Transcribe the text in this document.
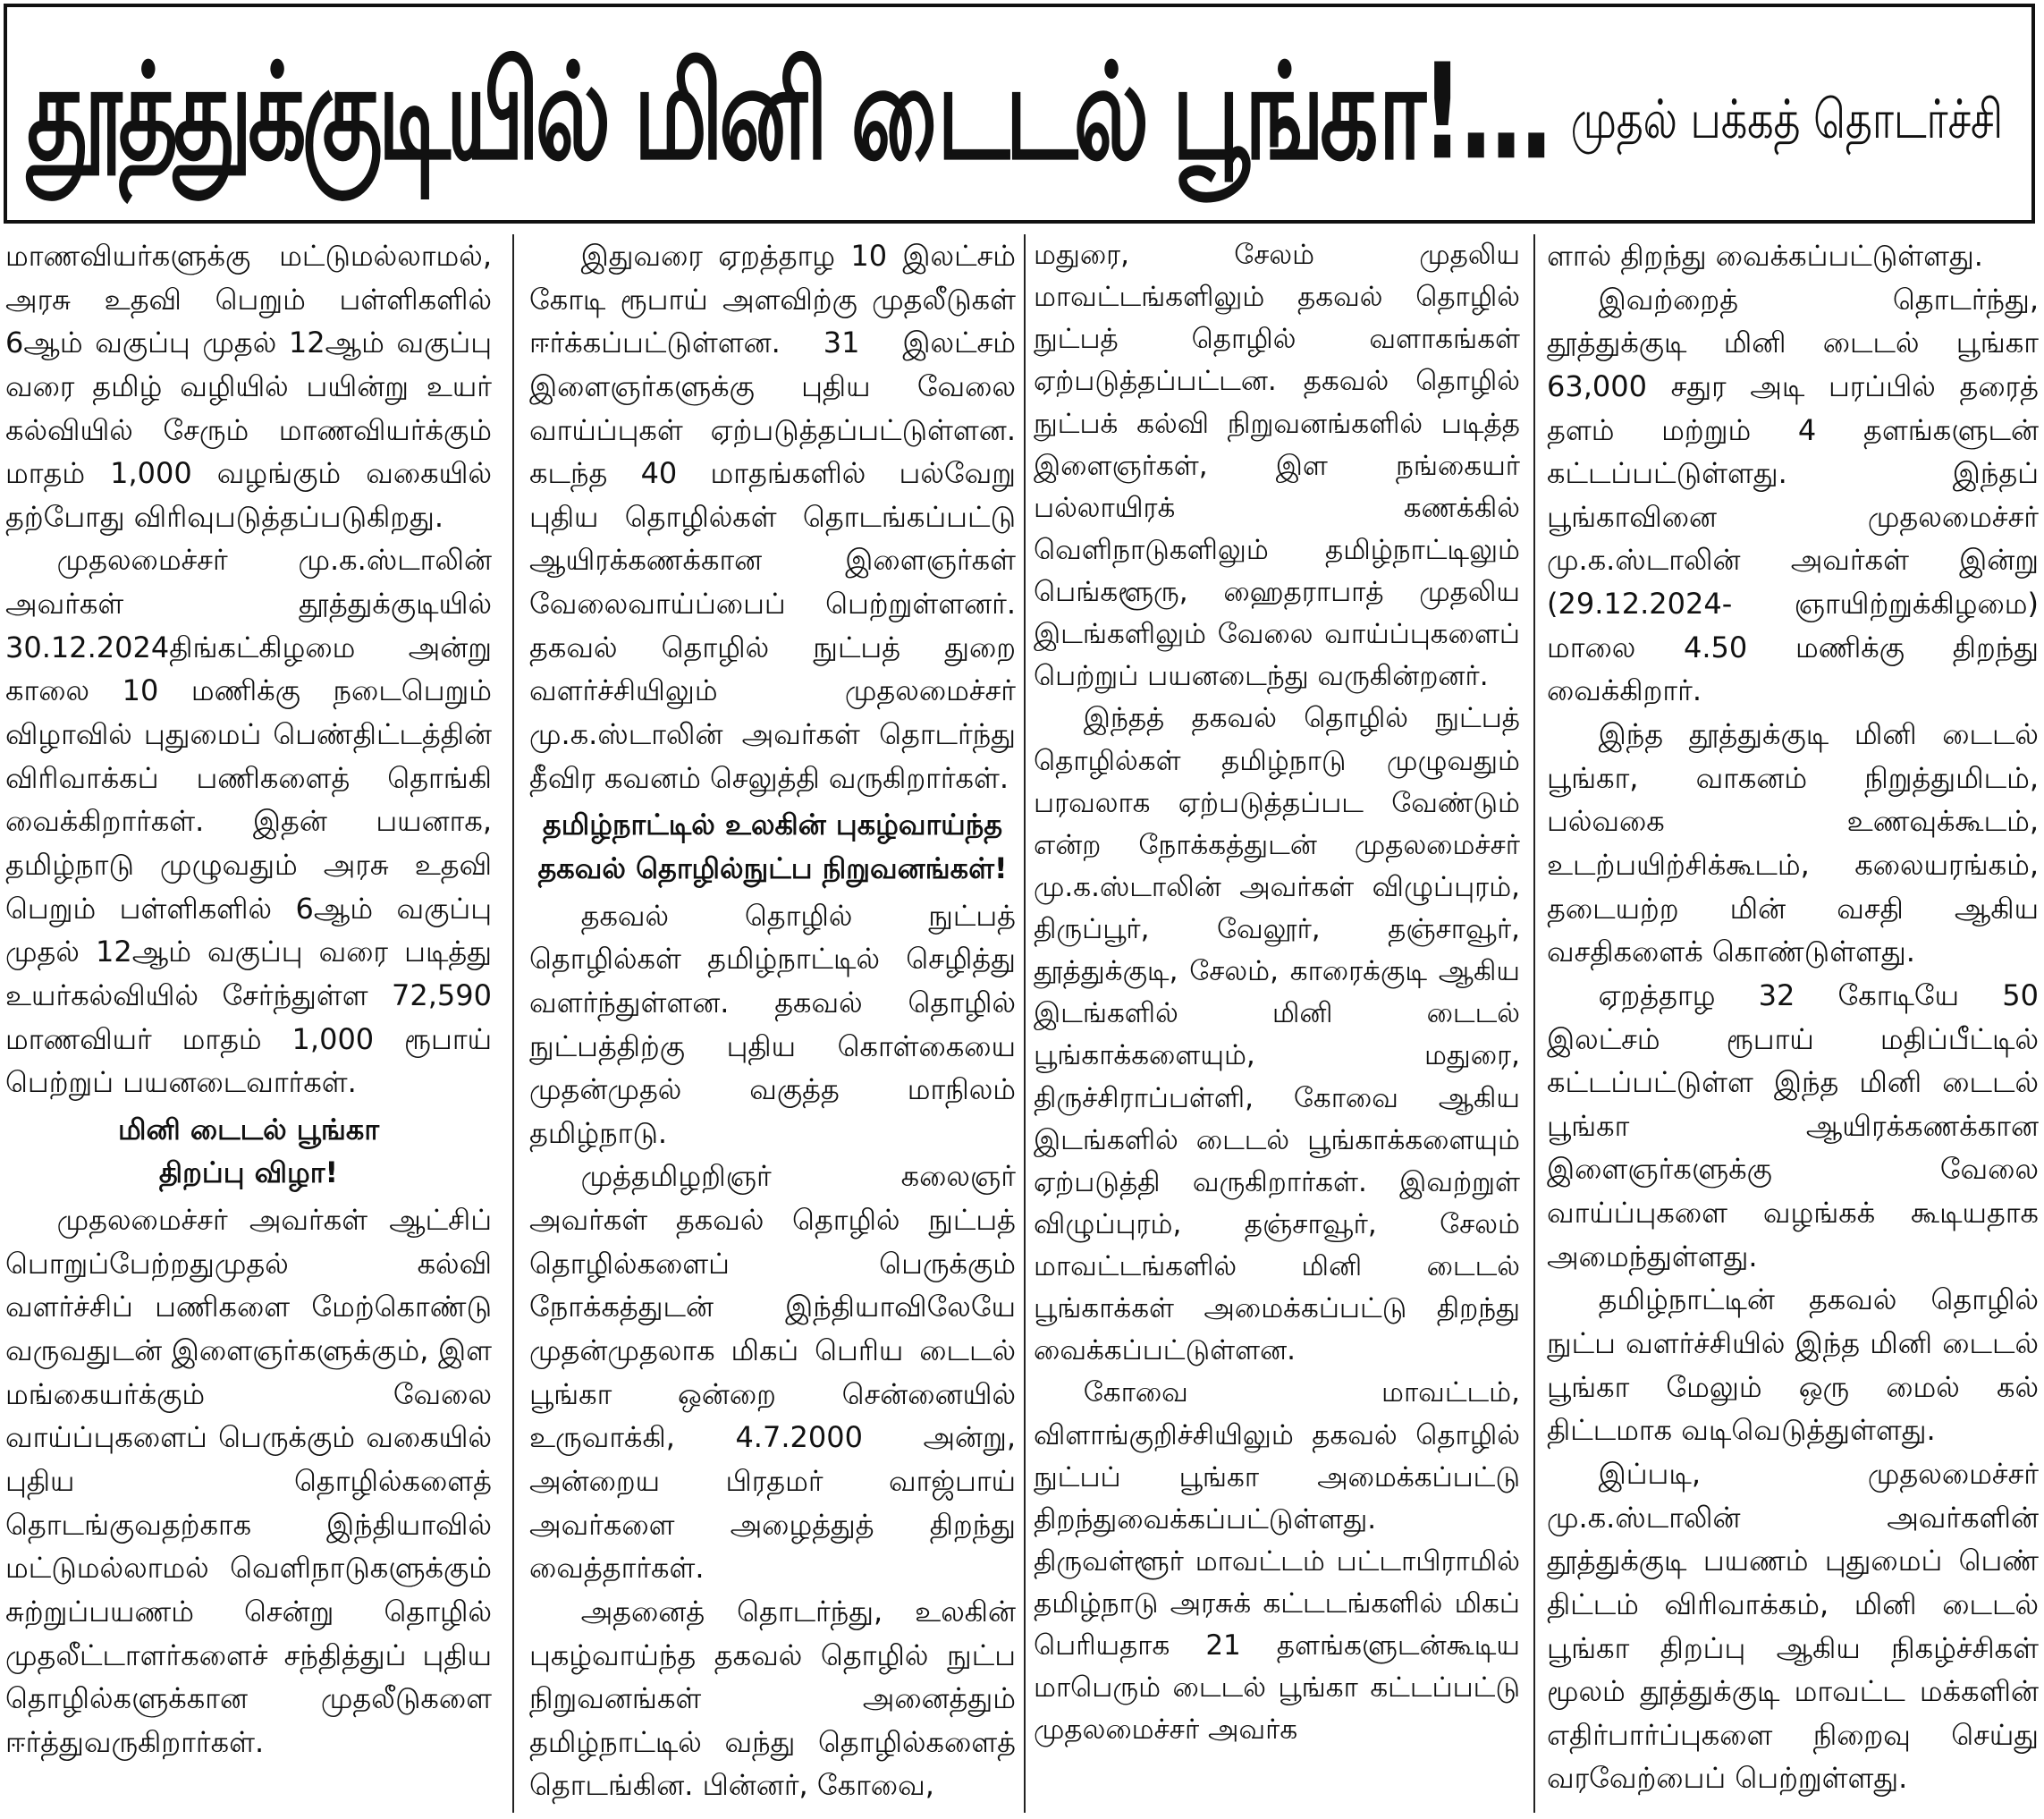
தூத்துக்குடியில் மினி டைடல் பூங்கா!... முதல் பக்கத் தொடர்ச்சி

மாணவியர்களுக்கு மட்டுமல்லாமல், அரசு உதவி பெறும் பள்ளிகளில் 6ஆம் வகுப்பு முதல் 12ஆம் வகுப்பு வரை தமிழ் வழியில் பயின்று உயர் கல்வியில் சேரும் மாணவியர்க்கும் மாதம் 1,000 வழங்கும் வகையில் தற்போது விரிவுபடுத்தப்படுகிறது.

முதலமைச்சர் மு.க.ஸ்டாலின் அவர்கள் தூத்துக்குடியில் 30.12.2024திங்கட்கிழமை அன்று காலை 10 மணிக்கு நடைபெறும் விழாவில் புதுமைப் பெண்திட்டத்தின் விரிவாக்கப் பணிகளைத் தொங்கி வைக்கிறார்கள். இதன் பயனாக, தமிழ்நாடு முழுவதும் அரசு உதவி பெறும் பள்ளிகளில் 6ஆம் வகுப்பு முதல் 12ஆம் வகுப்பு வரை படித்து உயர்கல்வியில் சேர்ந்துள்ள 72,590 மாணவியர் மாதம் 1,000 ரூபாய் பெற்றுப் பயனடைவார்கள்.

மினி டைடல் பூங்கா
திறப்பு விழா!

முதலமைச்சர் அவர்கள் ஆட்சிப் பொறுப்பேற்றதுமுதல் கல்வி வளர்ச்சிப் பணிகளை மேற்கொண்டு வருவதுடன் இளைஞர்களுக்கும், இள மங்கையர்க்கும் வேலை வாய்ப்புகளைப் பெருக்கும் வகையில் புதிய தொழில்களைத் தொடங்குவதற்காக இந்தியாவில் மட்டுமல்லாமல் வெளிநாடுகளுக்கும் சுற்றுப்பயணம் சென்று தொழில் முதலீட்டாளர்களைச் சந்தித்துப் புதிய தொழில்களுக்கான முதலீடுகளை ஈர்த்துவருகிறார்கள்.

இதுவரை ஏறத்தாழ 10 இலட்சம் கோடி ரூபாய் அளவிற்கு முதலீடுகள் ஈர்க்கப்பட்டுள்ளன. 31 இலட்சம் இளைஞர்களுக்கு புதிய வேலை வாய்ப்புகள் ஏற்படுத்தப்பட்டுள்ளன. கடந்த 40 மாதங்களில் பல்வேறு புதிய தொழில்கள் தொடங்கப்பட்டு ஆயிரக்கணக்கான இளைஞர்கள் வேலைவாய்ப்பைப் பெற்றுள்ளனர். தகவல் தொழில் நுட்பத் துறை வளர்ச்சியிலும் முதலமைச்சர் மு.க.ஸ்டாலின் அவர்கள் தொடர்ந்து தீவிர கவனம் செலுத்தி வருகிறார்கள்.

தமிழ்நாட்டில் உலகின் புகழ்வாய்ந்த
தகவல் தொழில்நுட்ப நிறுவனங்கள்!

தகவல் தொழில் நுட்பத் தொழில்கள் தமிழ்நாட்டில் செழித்து வளர்ந்துள்ளன. தகவல் தொழில் நுட்பத்திற்கு புதிய கொள்கையை முதன்முதல் வகுத்த மாநிலம் தமிழ்நாடு.

முத்தமிழறிஞர் கலைஞர் அவர்கள் தகவல் தொழில் நுட்பத் தொழில்களைப் பெருக்கும் நோக்கத்துடன் இந்தியாவிலேயே முதன்முதலாக மிகப் பெரிய டைடல் பூங்கா ஒன்றை சென்னையில் உருவாக்கி, 4.7.2000 அன்று, அன்றைய பிரதமர் வாஜ்பாய் அவர்களை அழைத்துத் திறந்து வைத்தார்கள்.

அதனைத் தொடர்ந்து, உலகின் புகழ்வாய்ந்த தகவல் தொழில் நுட்ப நிறுவனங்கள் அனைத்தும் தமிழ்நாட்டில் வந்து தொழில்களைத் தொடங்கின. பின்னர், கோவை,

மதுரை, சேலம் முதலிய மாவட்டங்களிலும் தகவல் தொழில் நுட்பத் தொழில் வளாகங்கள் ஏற்படுத்தப்பட்டன. தகவல் தொழில் நுட்பக் கல்வி நிறுவனங்களில் படித்த இளைஞர்கள், இள நங்கையர் பல்லாயிரக் கணக்கில் வெளிநாடுகளிலும் தமிழ்நாட்டிலும் பெங்களூரு, ஹைதராபாத் முதலிய இடங்களிலும் வேலை வாய்ப்புகளைப் பெற்றுப் பயனடைந்து வருகின்றனர்.

இந்தத் தகவல் தொழில் நுட்பத் தொழில்கள் தமிழ்நாடு முழுவதும் பரவலாக ஏற்படுத்தப்பட வேண்டும் என்ற நோக்கத்துடன் முதலமைச்சர் மு.க.ஸ்டாலின் அவர்கள் விழுப்புரம், திருப்பூர், வேலூர், தஞ்சாவூர், தூத்துக்குடி, சேலம், காரைக்குடி ஆகிய இடங்களில் மினி டைடல் பூங்காக்களையும், மதுரை, திருச்சிராப்பள்ளி, கோவை ஆகிய இடங்களில் டைடல் பூங்காக்களையும் ஏற்படுத்தி வருகிறார்கள். இவற்றுள் விழுப்புரம், தஞ்சாவூர், சேலம் மாவட்டங்களில் மினி டைடல் பூங்காக்கள் அமைக்கப்பட்டு திறந்து வைக்கப்பட்டுள்ளன.

கோவை மாவட்டம், விளாங்குறிச்சியிலும் தகவல் தொழில் நுட்பப் பூங்கா அமைக்கப்பட்டு திறந்துவைக்கப்பட்டுள்ளது. திருவள்ளூர் மாவட்டம் பட்டாபிராமில் தமிழ்நாடு அரசுக் கட்டடங்களில் மிகப் பெரியதாக 21 தளங்களுடன்கூடிய மாபெரும் டைடல் பூங்கா கட்டப்பட்டு முதலமைச்சர் அவர்க

ளால் திறந்து வைக்கப்பட்டுள்ளது.

இவற்றைத் தொடர்ந்து, தூத்துக்குடி மினி டைடல் பூங்கா 63,000 சதுர அடி பரப்பில் தரைத் தளம் மற்றும் 4 தளங்களுடன் கட்டப்பட்டுள்ளது. இந்தப் பூங்காவினை முதலமைச்சர் மு.க.ஸ்டாலின் அவர்கள் இன்று (29.12.2024- ஞாயிற்றுக்கிழமை) மாலை 4.50 மணிக்கு திறந்து வைக்கிறார்.

இந்த தூத்துக்குடி மினி டைடல் பூங்கா, வாகனம் நிறுத்துமிடம், பல்வகை உணவுக்கூடம், உடற்பயிற்சிக்கூடம், கலையரங்கம், தடையற்ற மின் வசதி ஆகிய வசதிகளைக் கொண்டுள்ளது.

ஏறத்தாழ 32 கோடியே 50 இலட்சம் ரூபாய் மதிப்பீட்டில் கட்டப்பட்டுள்ள இந்த மினி டைடல் பூங்கா ஆயிரக்கணக்கான இளைஞர்களுக்கு வேலை வாய்ப்புகளை வழங்கக் கூடியதாக அமைந்துள்ளது.

தமிழ்நாட்டின் தகவல் தொழில் நுட்ப வளர்ச்சியில் இந்த மினி டைடல் பூங்கா மேலும் ஒரு மைல் கல் திட்டமாக வடிவெடுத்துள்ளது.

இப்படி, முதலமைச்சர் மு.க.ஸ்டாலின் அவர்களின் தூத்துக்குடி பயணம் புதுமைப் பெண் திட்டம் விரிவாக்கம், மினி டைடல் பூங்கா திறப்பு ஆகிய நிகழ்ச்சிகள் மூலம் தூத்துக்குடி மாவட்ட மக்களின் எதிர்பார்ப்புகளை நிறைவு செய்து வரவேற்பைப் பெற்றுள்ளது.
